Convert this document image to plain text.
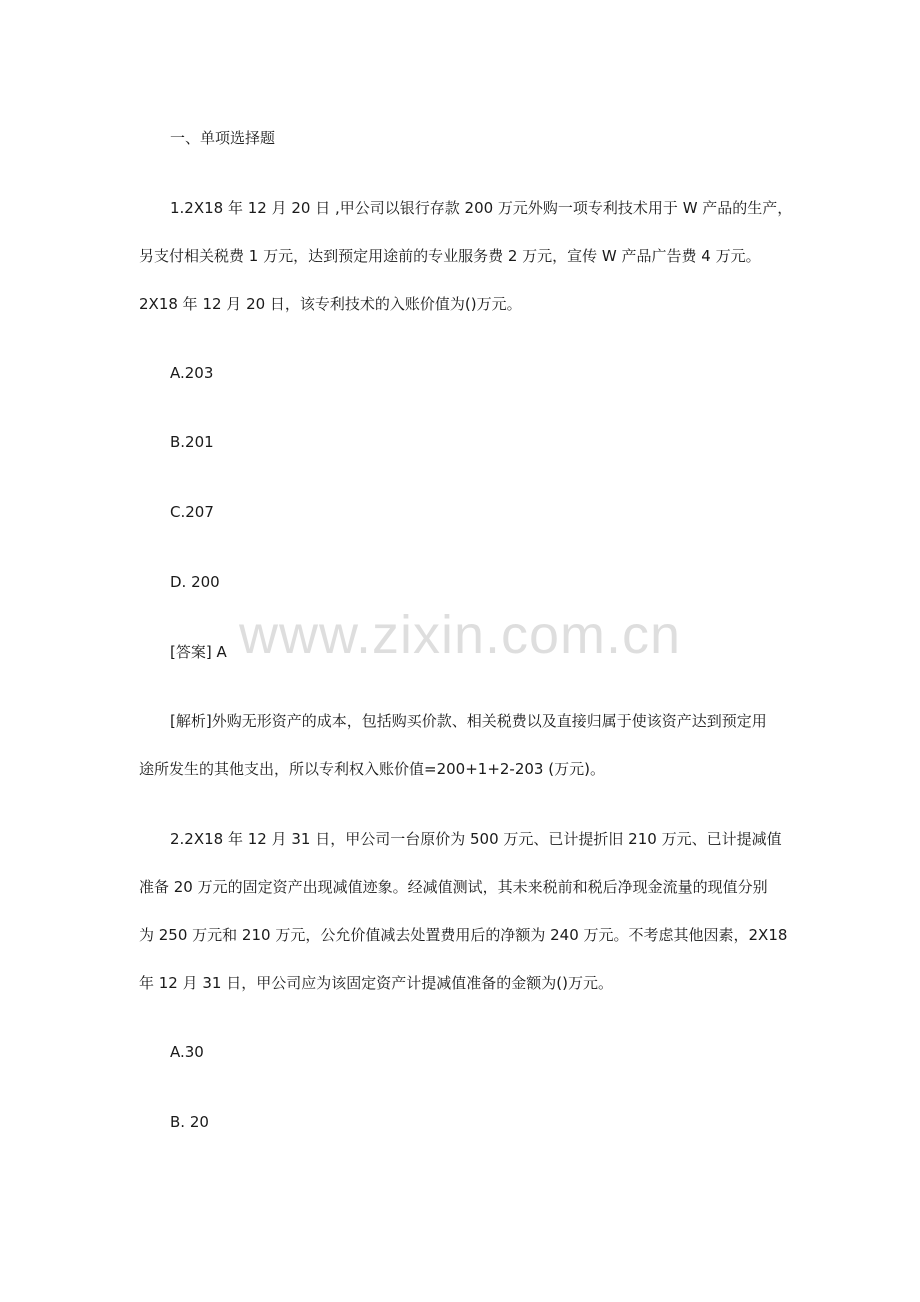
一、单项选择题
1.2X18 年 12 月 20 日 ,甲公司以银行存款 200 万元外购一项专利技术用于 W 产品的生产，
另支付相关税费 1 万元，达到预定用途前的专业服务费 2 万元，宣传 W 产品广告费 4 万元。
2X18 年 12 月 20 日，该专利技术的入账价值为()万元。
A.203
B.201
C.207
D. 200
[答案] A
[解析]外购无形资产的成本，包括购买价款、相关税费以及直接归属于使该资产达到预定用
途所发生的其他支出，所以专利权入账价值=200+1+2-203 (万元)。
2.2X18 年 12 月 31 日，甲公司一台原价为 500 万元、已计提折旧 210 万元、已计提减值
准备 20 万元的固定资产出现减值迹象。经减值测试，其未来税前和税后净现金流量的现值分别
为 250 万元和 210 万元，公允价值减去处置费用后的净额为 240 万元。不考虑其他因素，2X18
年 12 月 31 日，甲公司应为该固定资产计提减值准备的金额为()万元。
A.30
B. 20
www.zixin.com.cn
